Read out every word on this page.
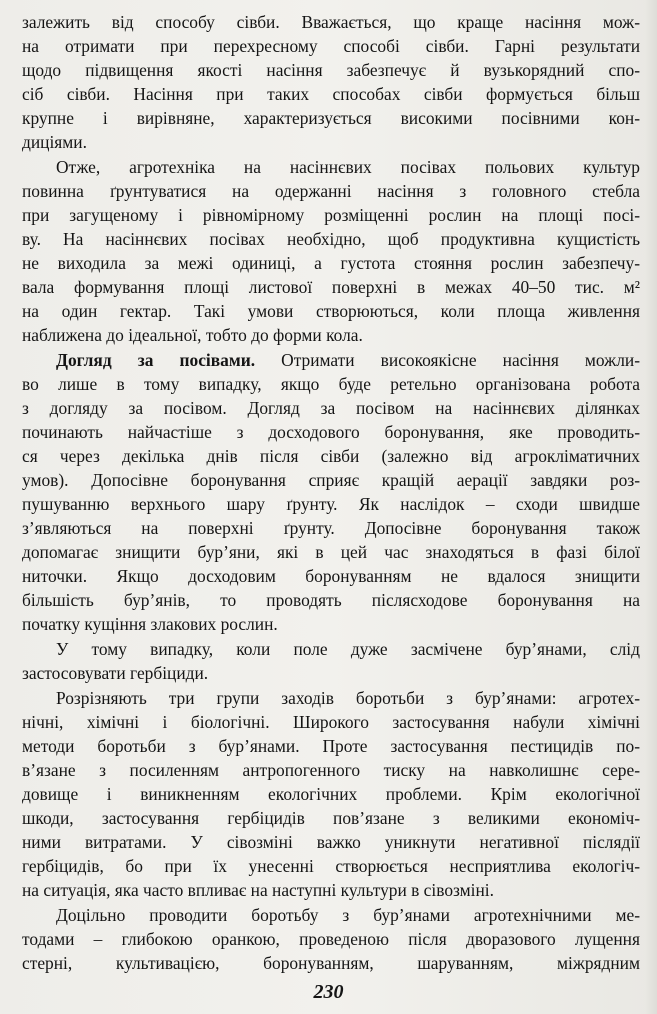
залежить від способу сівби. Вважається, що краще насіння мож-
на отримати при перехресному способі сівби. Гарні результати
щодо підвищення якості насіння забезпечує й вузькорядний спо-
сіб сівби. Насіння при таких способах сівби формується більш
крупне і вирівняне, характеризується високими посівними кон-
диціями.
Отже, агротехніка на насіннєвих посівах польових культур
повинна ґрунтуватися на одержанні насіння з головного стебла
при загущеному і рівномірному розміщенні рослин на площі посі-
ву. На насіннєвих посівах необхідно, щоб продуктивна кущистість
не виходила за межі одиниці, а густота стояння рослин забезпечу-
вала формування площі листової поверхні в межах 40–50 тис. м²
на один гектар. Такі умови створюються, коли площа живлення
наближена до ідеальної, тобто до форми кола.
Догляд за посівами. Отримати високоякісне насіння можли-
во лише в тому випадку, якщо буде ретельно організована робота
з догляду за посівом. Догляд за посівом на насіннєвих ділянках
починають найчастіше з досходового боронування, яке проводить-
ся через декілька днів після сівби (залежно від агрокліматичних
умов). Допосівне боронування сприяє кращій аерації завдяки роз-
пушуванню верхнього шару ґрунту. Як наслідок – сходи швидше
з’являються на поверхні ґрунту. Допосівне боронування також
допомагає знищити бур’яни, які в цей час знаходяться в фазі білої
ниточки. Якщо досходовим боронуванням не вдалося знищити
більшість бур’янів, то проводять післясходове боронування на
початку кущіння злакових рослин.
У тому випадку, коли поле дуже засмічене бур’янами, слід
застосовувати гербіциди.
Розрізняють три групи заходів боротьби з бур’янами: агротех-
нічні, хімічні і біологічні. Широкого застосування набули хімічні
методи боротьби з бур’янами. Проте застосування пестицидів по-
в’язане з посиленням антропогенного тиску на навколишнє сере-
довище і виникненням екологічних проблеми. Крім екологічної
шкоди, застосування гербіцидів пов’язане з великими економіч-
ними витратами. У сівозміні важко уникнути негативної післядії
гербіцидів, бо при їх унесенні створюється несприятлива екологіч-
на ситуація, яка часто впливає на наступні культури в сівозміні.
Доцільно проводити боротьбу з бур’янами агротехнічними ме-
тодами – глибокою оранкою, проведеною після дворазового лущення
стерні, культивацією, боронуванням, шаруванням, міжрядним
230
